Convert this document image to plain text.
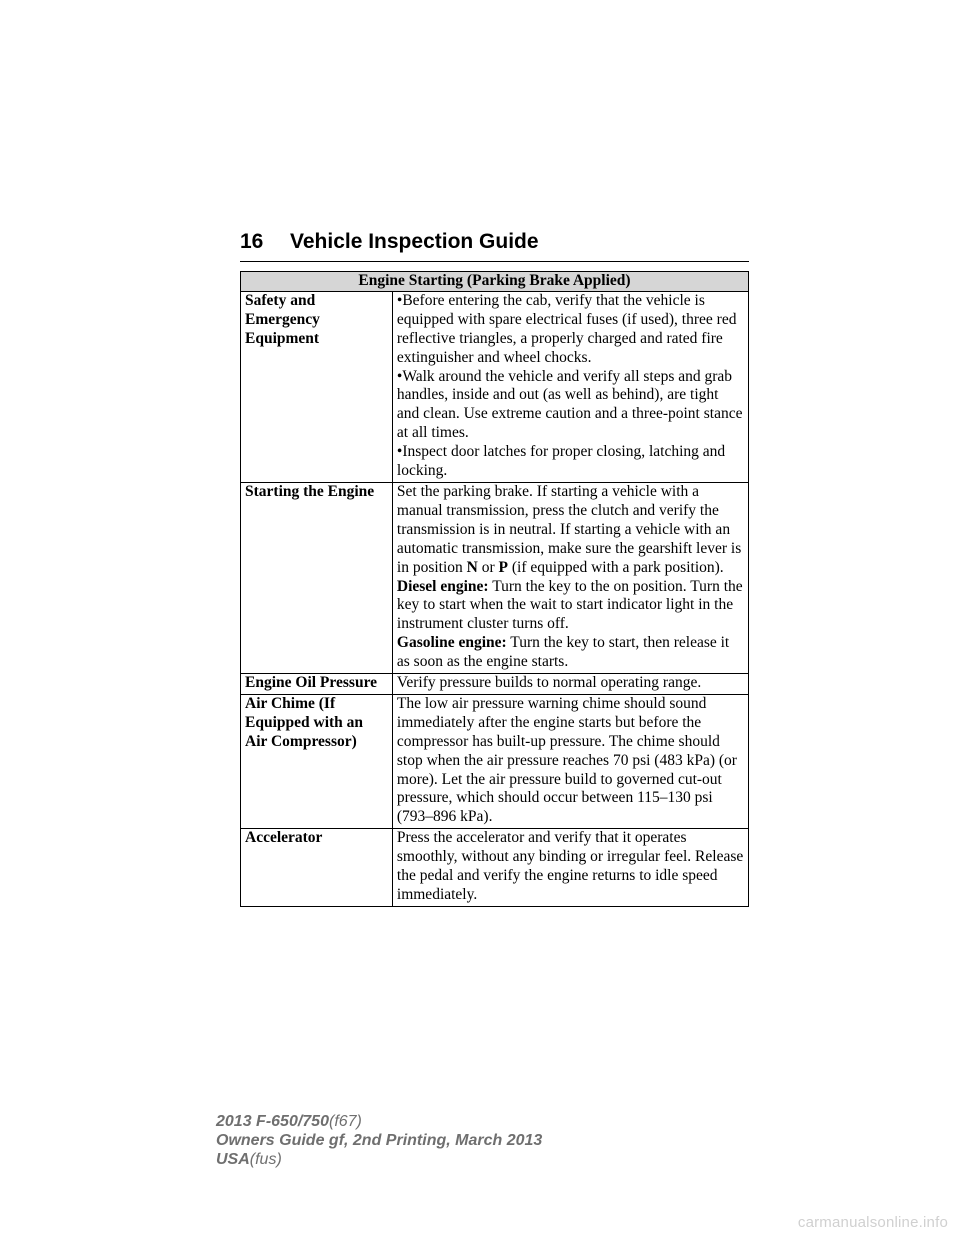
16 Vehicle Inspection Guide
Engine Starting (Parking Brake Applied)	
Safety and Emergency Equipment	•Before entering the cab, verify that the vehicle is equipped with spare electrical fuses (if used), three red reflective triangles, a properly charged and rated fire extinguisher and wheel chocks.
•Walk around the vehicle and verify all steps and grab handles, inside and out (as well as behind), are tight and clean. Use extreme caution and a three-point stance at all times.
•Inspect door latches for proper closing, latching and locking.

Starting the Engine	Set the parking brake. If starting a vehicle with a manual transmission, press the clutch and verify the transmission is in neutral. If starting a vehicle with an automatic transmission, make sure the gearshift lever is in position N or P (if equipped with a park position).
Diesel engine: Turn the key to the on position. Turn the key to start when the wait to start indicator light in the instrument cluster turns off.
Gasoline engine: Turn the key to start, then release it as soon as the engine starts.

Engine Oil Pressure	Verify pressure builds to normal operating range.
Air Chime (If Equipped with an Air Compressor)	The low air pressure warning chime should sound immediately after the engine starts but before the compressor has built-up pressure. The chime should stop when the air pressure reaches 70 psi (483 kPa) (or more). Let the air pressure build to governed cut-out pressure, which should occur between 115–130 psi (793–896 kPa).
Accelerator	Press the accelerator and verify that it operates smoothly, without any binding or irregular feel. Release the pedal and verify the engine returns to idle speed immediately.
2013 F-650/750(f67)
Owners Guide gf, 2nd Printing, March 2013
USA(fus)
carmanualsonline.info
